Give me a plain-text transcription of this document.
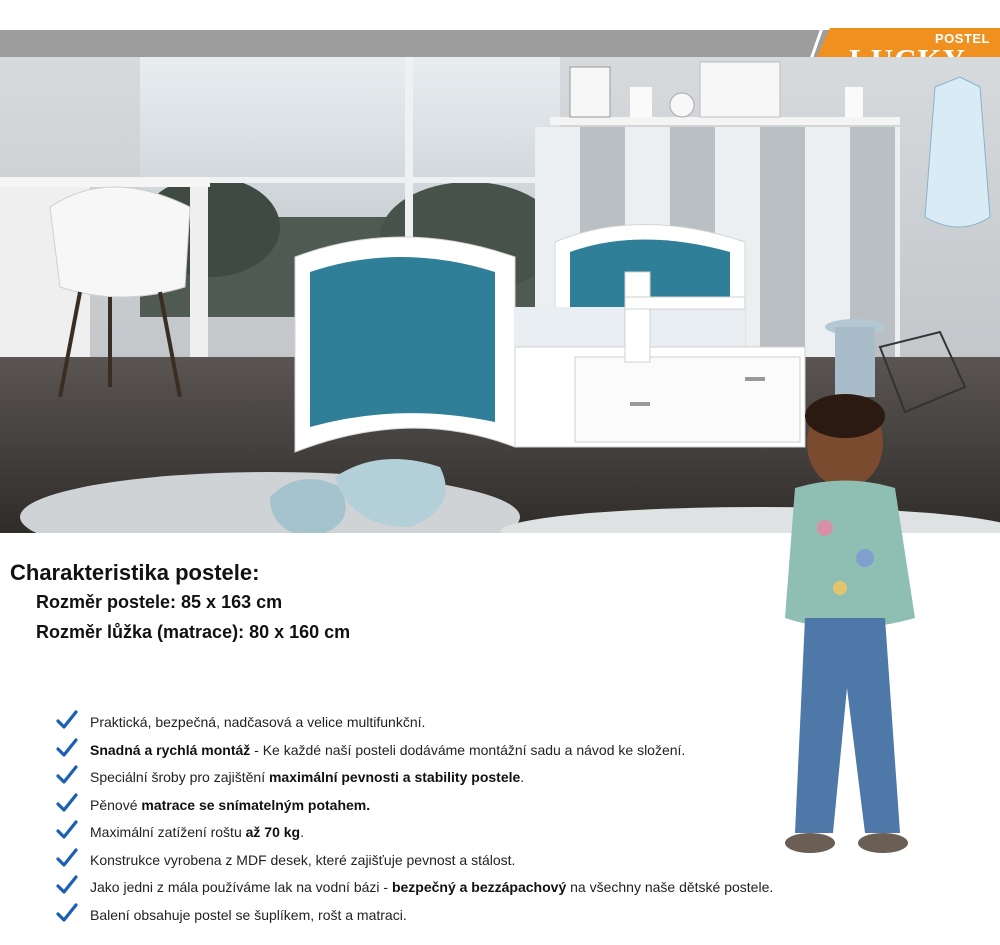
POSTEL
Charakteristika postele:
Rozměr postele: 85 x 163 cm
Rozměr lůžka (matrace): 80 x 160 cm
Praktická, bezpečná, nadčasová a velice multifunkční.
Snadná a rychlá montáž - Ke každé naší posteli dodáváme montážní sadu a návod ke složení.
Speciální šroby pro zajištění maximální pevnosti a stability postele.
Pěnové matrace se snímatelným potahem.
Maximální zatížení roštu až 70 kg.
Konstrukce vyrobena z MDF desek, které zajišťuje pevnost a stálost.
Jako jedni z mála používáme lak na vodní bázi - bezpečný a bezzápachový na všechny naše dětské postele.
Balení obsahuje postel se šuplíkem, rošt a matraci.
